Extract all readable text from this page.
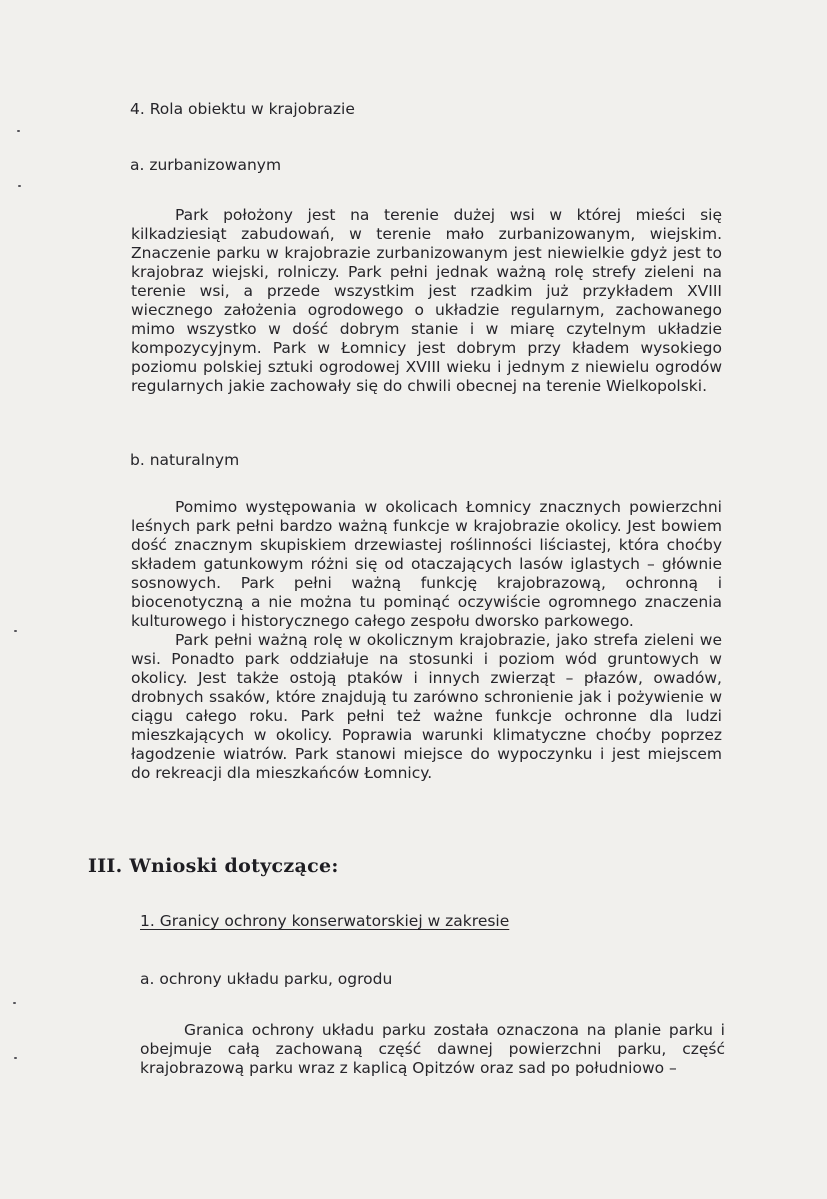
4. Rola obiektu w krajobrazie
a. zurbanizowanym

Park położony jest na terenie dużej wsi w której mieści się kilkadziesiąt zabudowań, w terenie mało zurbanizowanym, wiejskim. Znaczenie parku w krajobrazie zurbanizowanym jest niewielkie gdyż jest to krajobraz wiejski, rolniczy. Park pełni jednak ważną rolę strefy zieleni na terenie wsi, a przede wszystkim jest rzadkim już przykładem XVIII wiecznego założenia ogrodowego o układzie regularnym, zachowanego mimo wszystko w dość dobrym stanie i w miarę czytelnym układzie kompozycyjnym. Park w Łomnicy jest dobrym przy kładem wysokiego poziomu polskiej sztuki ogrodowej XVIII wieku i jednym z niewielu ogrodów regularnych jakie zachowały się do chwili obecnej na terenie Wielkopolski.

b. naturalnym

Pomimo występowania w okolicach Łomnicy znacznych powierzchni leśnych park pełni bardzo ważną funkcje w krajobrazie okolicy. Jest bowiem dość znacznym skupiskiem drzewiastej roślinności liściastej, która choćby składem gatunkowym różni się od otaczających lasów iglastych – głównie sosnowych. Park pełni ważną funkcję krajobrazową, ochronną i biocenotyczną a nie można tu pominąć oczywiście ogromnego znaczenia kulturowego i historycznego całego zespołu dworsko parkowego.

Park pełni ważną rolę w okolicznym krajobrazie, jako strefa zieleni we wsi. Ponadto park oddziałuje na stosunki i poziom wód gruntowych w okolicy. Jest także ostoją ptaków i innych zwierząt – płazów, owadów, drobnych ssaków, które znajdują tu zarówno schronienie jak i pożywienie w ciągu całego roku. Park pełni też ważne funkcje ochronne dla ludzi mieszkających w okolicy. Poprawia warunki klimatyczne choćby poprzez łagodzenie wiatrów. Park stanowi miejsce do wypoczynku i jest miejscem do rekreacji dla mieszkańców Łomnicy.

III. Wnioski dotyczące:
1. Granicy ochrony konserwatorskiej w zakresie
a. ochrony układu parku, ogrodu

Granica ochrony układu parku została oznaczona na planie parku i obejmuje całą zachowaną część dawnej powierzchni parku, część krajobrazową parku wraz z kaplicą Opitzów oraz sad po południowo –
